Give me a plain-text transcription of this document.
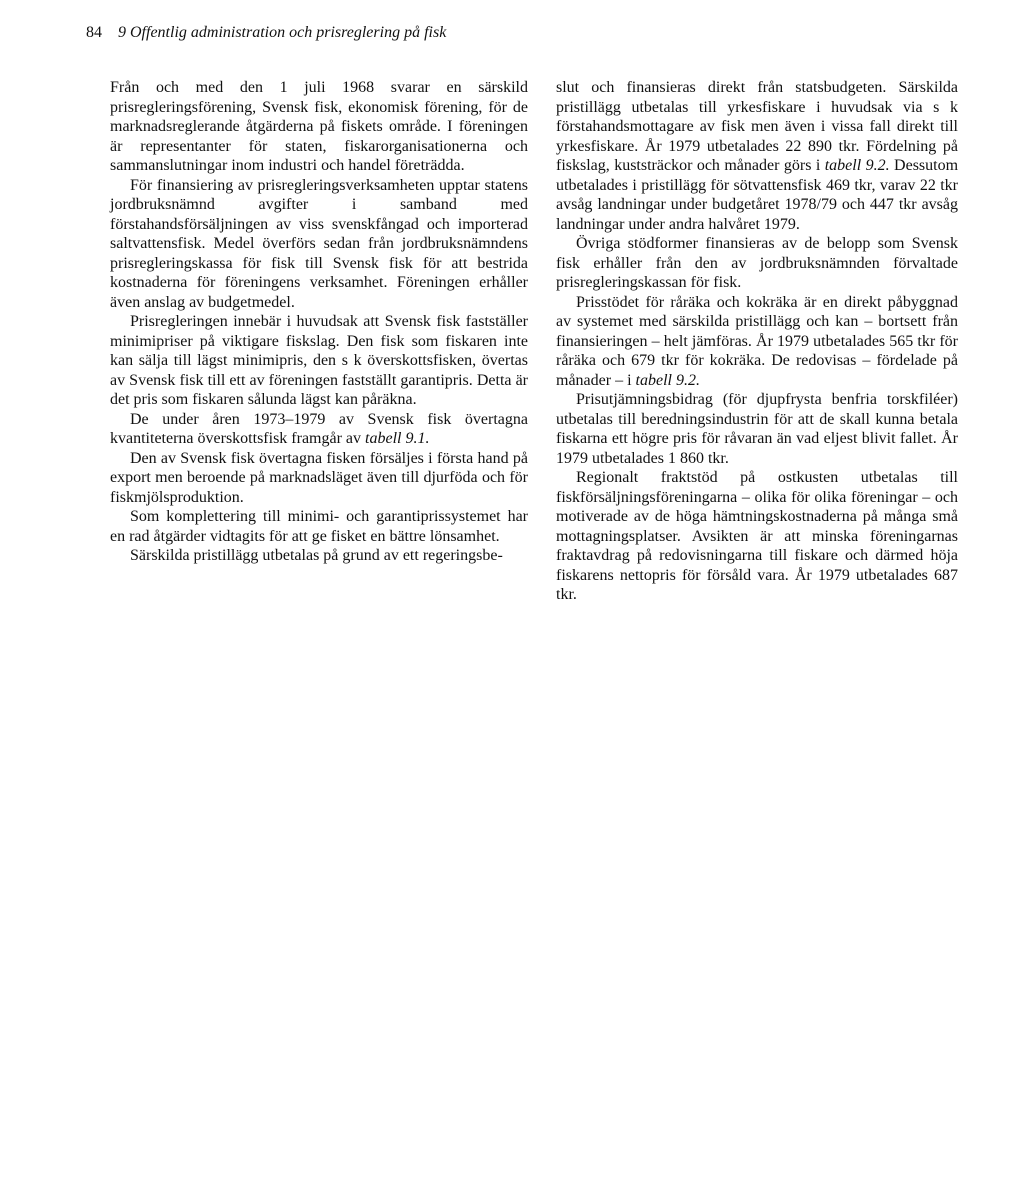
84 9 Offentlig administration och prisreglering på fisk

Från och med den 1 juli 1968 svarar en särskild prisregleringsförening, Svensk fisk, ekonomisk förening, för de marknadsreglerande åtgärderna på fiskets område. I föreningen är representanter för staten, fiskarorganisationerna och sammanslutningar inom industri och handel företrädda.

För finansiering av prisregleringsverksamheten upptar statens jordbruksnämnd avgifter i samband med förstahandsförsäljningen av viss svenskfångad och importerad saltvattensfisk. Medel överförs sedan från jordbruksnämndens prisregleringskassa för fisk till Svensk fisk för att bestrida kostnaderna för föreningens verksamhet. Föreningen erhåller även anslag av budgetmedel.

Prisregleringen innebär i huvudsak att Svensk fisk fastställer minimipriser på viktigare fiskslag. Den fisk som fiskaren inte kan sälja till lägst minimipris, den s k överskottsfisken, övertas av Svensk fisk till ett av föreningen fastställt garantipris. Detta är det pris som fiskaren sålunda lägst kan påräkna.

De under åren 1973–1979 av Svensk fisk övertagna kvantiteterna överskottsfisk framgår av tabell 9.1.

Den av Svensk fisk övertagna fisken försäljes i första hand på export men beroende på marknadsläget även till djurföda och för fiskmjölsproduktion.

Som komplettering till minimi- och garantiprissystemet har en rad åtgärder vidtagits för att ge fisket en bättre lönsamhet.

Särskilda pristillägg utbetalas på grund av ett regeringsbe-

slut och finansieras direkt från statsbudgeten. Särskilda pristillägg utbetalas till yrkesfiskare i huvudsak via s k förstahandsmottagare av fisk men även i vissa fall direkt till yrkesfiskare. År 1979 utbetalades 22 890 tkr. Fördelning på fiskslag, kuststräckor och månader görs i tabell 9.2. Dessutom utbetalades i pristillägg för sötvattensfisk 469 tkr, varav 22 tkr avsåg landningar under budgetåret 1978/79 och 447 tkr avsåg landningar under andra halvåret 1979.

Övriga stödformer finansieras av de belopp som Svensk fisk erhåller från den av jordbruksnämnden förvaltade prisregleringskassan för fisk.

Prisstödet för råräka och kokräka är en direkt påbyggnad av systemet med särskilda pristillägg och kan – bortsett från finansieringen – helt jämföras. År 1979 utbetalades 565 tkr för råräka och 679 tkr för kokräka. De redovisas – fördelade på månader – i tabell 9.2.

Prisutjämningsbidrag (för djupfrysta benfria torskfiléer) utbetalas till beredningsindustrin för att de skall kunna betala fiskarna ett högre pris för råvaran än vad eljest blivit fallet. År 1979 utbetalades 1 860 tkr.

Regionalt fraktstöd på ostkusten utbetalas till fiskförsäljningsföreningarna – olika för olika föreningar – och motiverade av de höga hämtningskostnaderna på många små mottagningsplatser. Avsikten är att minska föreningarnas fraktavdrag på redovisningarna till fiskare och därmed höja fiskarens nettopris för försåld vara. År 1979 utbetalades 687 tkr.
